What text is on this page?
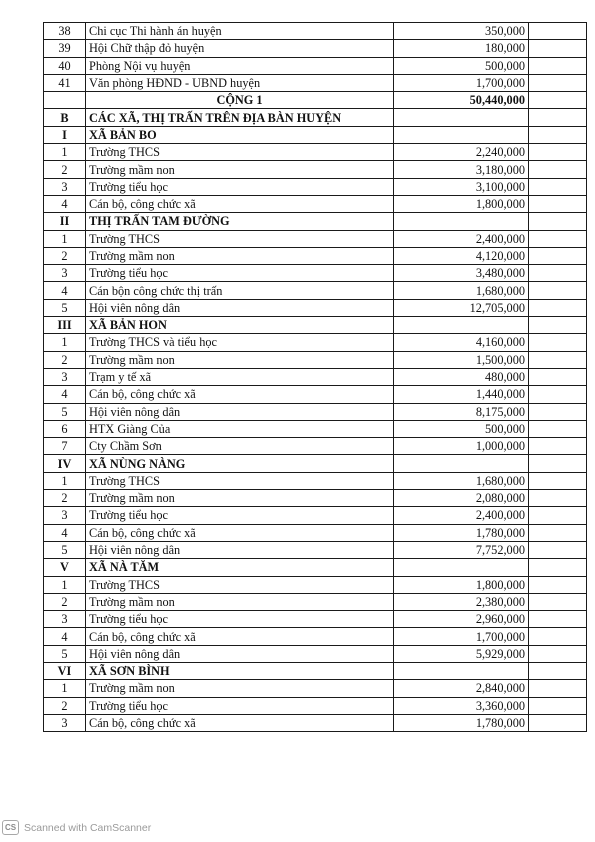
38	Chi cục Thi hành án huyện	350,000	
39	Hội Chữ thập đỏ huyện	180,000	
40	Phòng Nội vụ huyện	500,000	
41	Văn phòng HĐND - UBND huyện	1,700,000	
	CỘNG 1	50,440,000	
B	CÁC XÃ, THỊ TRẤN TRÊN ĐỊA BÀN HUYỆN		
I	XÃ BẢN BO		
1	Trường THCS	2,240,000	
2	Trường mầm non	3,180,000	
3	Trường tiểu học	3,100,000	
4	Cán bộ, công chức xã	1,800,000	
II	THỊ TRẤN TAM ĐƯỜNG		
1	Trường THCS	2,400,000	
2	Trường mầm non	4,120,000	
3	Trường tiểu học	3,480,000	
4	Cán bộn công chức thị trấn	1,680,000	
5	Hội viên nông dân	12,705,000	
III	XÃ BẢN HON		
1	Trường THCS và tiểu học	4,160,000	
2	Trường mầm non	1,500,000	
3	Trạm y tế xã	480,000	
4	Cán bộ, công chức xã	1,440,000	
5	Hội viên nông dân	8,175,000	
6	HTX Giàng Của	500,000	
7	Cty Chầm Sơn	1,000,000	
IV	XÃ NÙNG NÀNG		
1	Trường THCS	1,680,000	
2	Trường mầm non	2,080,000	
3	Trường tiểu học	2,400,000	
4	Cán bộ, công chức xã	1,780,000	
5	Hội viên nông dân	7,752,000	
V	XÃ NÀ TĂM		
1	Trường THCS	1,800,000	
2	Trường mầm non	2,380,000	
3	Trường tiểu học	2,960,000	
4	Cán bộ, công chức xã	1,700,000	
5	Hội viên nông dân	5,929,000	
VI	XÃ SƠN BÌNH		
1	Trường mầm non	2,840,000	
2	Trường tiểu học	3,360,000	
3	Cán bộ, công chức xã	1,780,000	
CS Scanned with CamScanner
